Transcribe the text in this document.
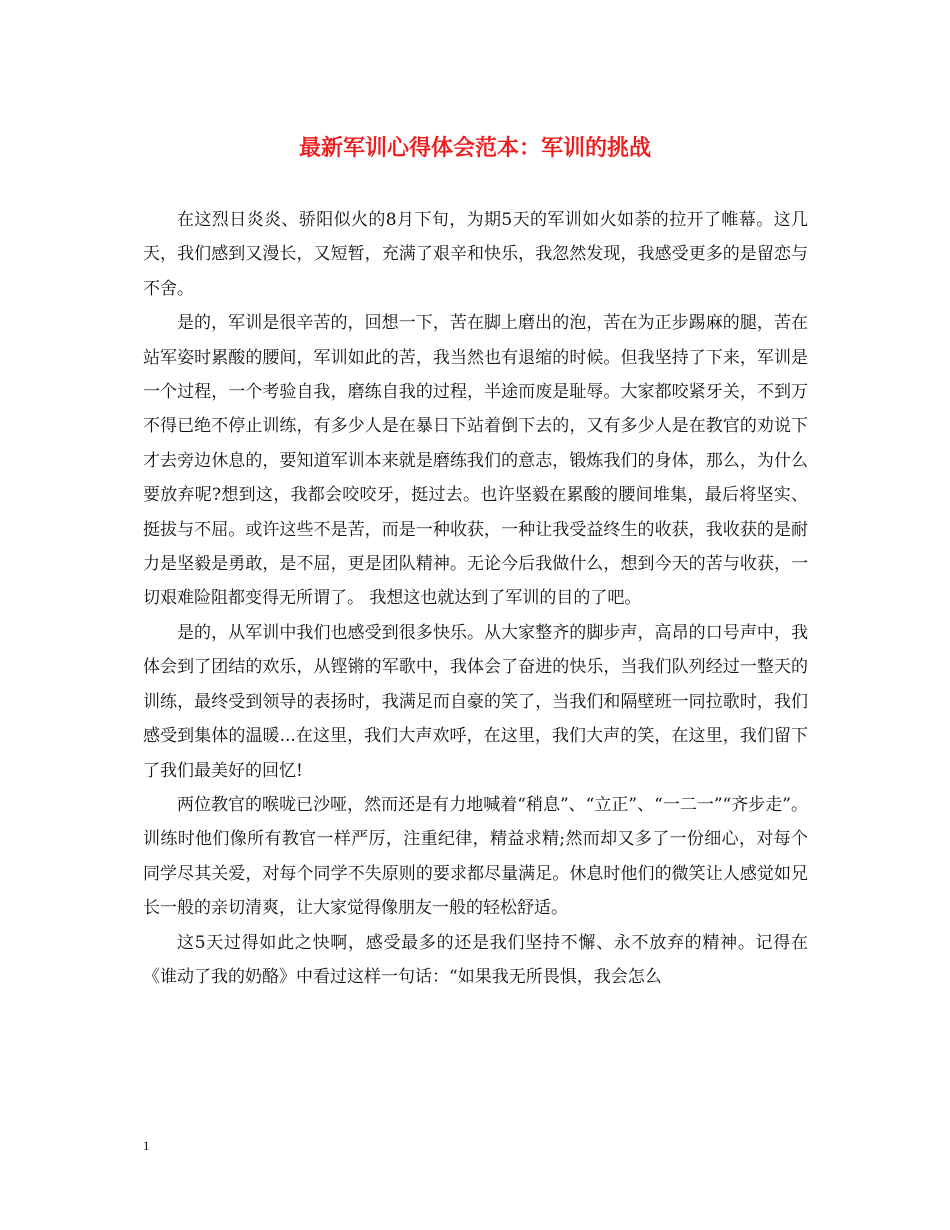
最新军训心得体会范本：军训的挑战

在这烈日炎炎、骄阳似火的8月下旬，为期5天的军训如火如荼的拉开了帷幕。这几天，我们感到又漫长，又短暂，充满了艰辛和快乐，我忽然发现，我感受更多的是留恋与不舍。

是的，军训是很辛苦的，回想一下，苦在脚上磨出的泡，苦在为正步踢麻的腿，苦在站军姿时累酸的腰间，军训如此的苦，我当然也有退缩的时候。但我坚持了下来，军训是一个过程，一个考验自我，磨练自我的过程，半途而废是耻辱。大家都咬紧牙关，不到万不得已绝不停止训练，有多少人是在暴日下站着倒下去的，又有多少人是在教官的劝说下才去旁边休息的，要知道军训本来就是磨练我们的意志，锻炼我们的身体，那么，为什么要放弃呢?想到这，我都会咬咬牙，挺过去。也许坚毅在累酸的腰间堆集，最后将坚实、挺拔与不屈。或许这些不是苦，而是一种收获，一种让我受益终生的收获，我收获的是耐力是坚毅是勇敢，是不屈，更是团队精神。无论今后我做什么，想到今天的苦与收获，一切艰难险阻都变得无所谓了。 我想这也就达到了军训的目的了吧。

是的，从军训中我们也感受到很多快乐。从大家整齐的脚步声，高昂的口号声中，我体会到了团结的欢乐，从铿锵的军歌中，我体会了奋进的快乐，当我们队列经过一整天的训练，最终受到领导的表扬时，我满足而自豪的笑了，当我们和隔壁班一同拉歌时，我们感受到集体的温暖...在这里，我们大声欢呼，在这里，我们大声的笑，在这里，我们留下了我们最美好的回忆!

两位教官的喉咙已沙哑，然而还是有力地喊着“稍息”、“立正”、“一二一”“齐步走”。训练时他们像所有教官一样严厉，注重纪律，精益求精;然而却又多了一份细心，对每个同学尽其关爱，对每个同学不失原则的要求都尽量满足。休息时他们的微笑让人感觉如兄长一般的亲切清爽，让大家觉得像朋友一般的轻松舒适。

这5天过得如此之快啊，感受最多的还是我们坚持不懈、永不放弃的精神。记得在《谁动了我的奶酪》中看过这样一句话：“如果我无所畏惧，我会怎么

1
